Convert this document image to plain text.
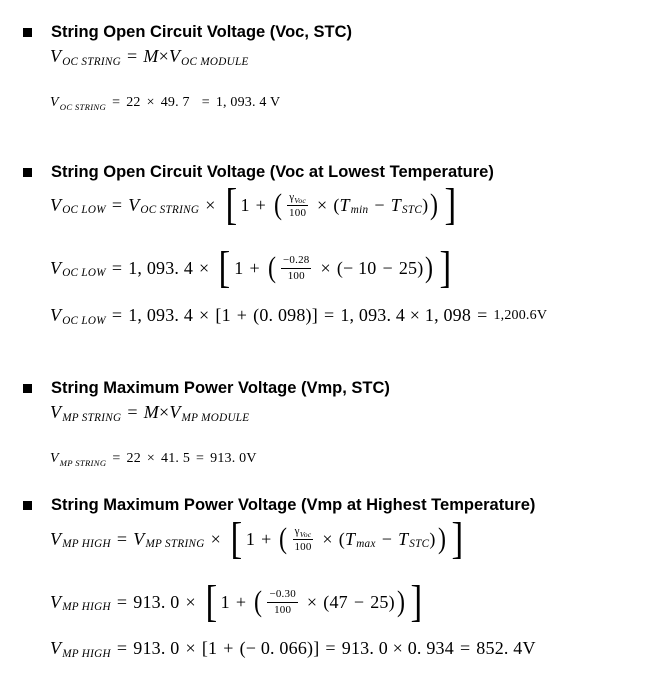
String Open Circuit Voltage (Voc, STC)
V OC STRING = M × V OC MODULE
V OC STRING = 22 × 49. 7 = 1, 093. 4 V
String Open Circuit Voltage (Voc at Lowest Temperature)
V OC LOW = V OC STRING × [ 1 + ( $\frac{\gamma_{Voc}}{100}$ × ( T min − T STC ) ) ]
V OC LOW = 1, 093. 4 × [ 1 + ( $\frac{-0.28}{100}$ × ( − 10 − 25 ) ) ]
V OC LOW = 1, 093. 4 × [1 + (0. 098) ] = 1, 093. 4 × 1, 098 = 1,200.6V
String Maximum Power Voltage (Vmp, STC)
V MP STRING = M × V MP MODULE
V MP STRING = 22 × 41. 5 = 913. 0V
String Maximum Power Voltage (Vmp at Highest Temperature)
V MP HIGH = V MP STRING × [ 1 + ( $\frac{\gamma_{Voc}}{100}$ × ( T max − T STC ) ) ]
V MP HIGH = 913. 0 × [ 1 + ( $\frac{-0.30}{100}$ × ( 47 − 25 ) ) ]
V MP HIGH = 913. 0 × [1 + (− 0. 066) ] = 913. 0 × 0. 934 = 852. 4V
